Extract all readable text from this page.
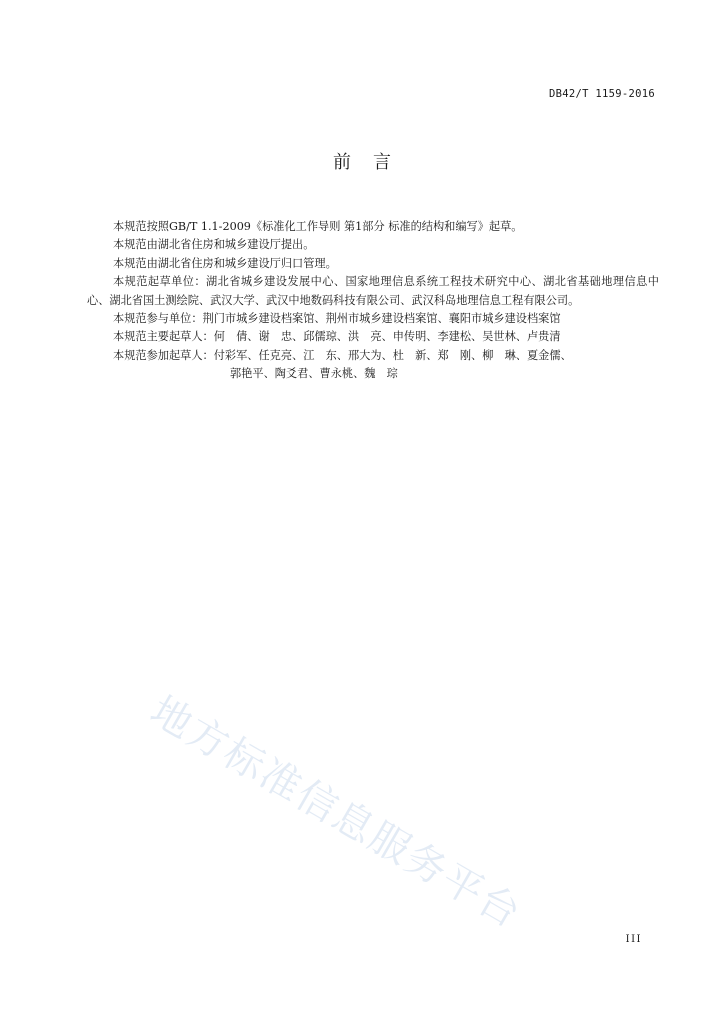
DB42/T 1159-2016
前 言

本规范按照GB/T 1.1-2009《标准化工作导则 第1部分 标准的结构和编写》起草。

本规范由湖北省住房和城乡建设厅提出。

本规范由湖北省住房和城乡建设厅归口管理。

本规范起草单位：湖北省城乡建设发展中心、国家地理信息系统工程技术研究中心、湖北省基础地理信息中心、湖北省国土测绘院、武汉大学、武汉中地数码科技有限公司、武汉科岛地理信息工程有限公司。

本规范参与单位：荆门市城乡建设档案馆、荆州市城乡建设档案馆、襄阳市城乡建设档案馆

本规范主要起草人：何　倩、谢　忠、邱儒琼、洪　亮、申传明、李建松、吴世林、卢贵清

本规范参加起草人：付彩军、任克亮、江　东、邢大为、杜　新、郑　刚、柳　琳、夏金儒、

郭艳平、陶爻君、曹永桃、魏　琮

地方标准信息服务平台
III
